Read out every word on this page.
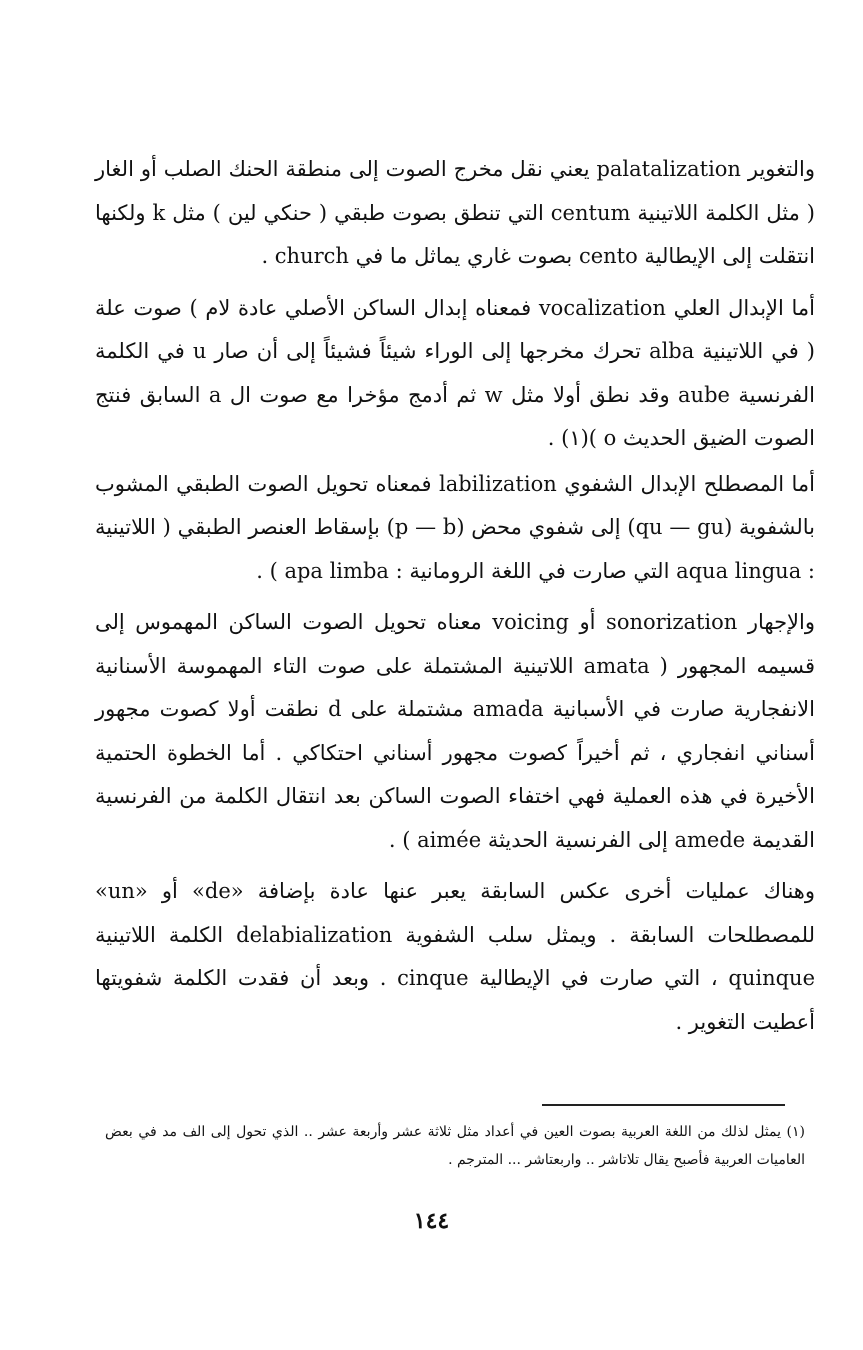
والتغوير palatalization يعني نقل مخرج الصوت إلى منطقة الحنك الصلب أو الغار ( مثل الكلمة اللاتينية centum التي تنطق بصوت طبقي ( حنكي لين ) مثل k ولكنها انتقلت إلى الإيطالية cento بصوت غاري يماثل ما في church .

أما الإبدال العلي vocalization فمعناه إبدال الساكن الأصلي عادة لام ) صوت علة ( في اللاتينية alba تحرك مخرجها إلى الوراء شيئاً فشيئاً إلى أن صار u في الكلمة الفرنسية aube وقد نطق أولا مثل w ثم أدمج مؤخرا مع صوت ال a السابق فنتج الصوت الضيق الحديث o )(١) .

أما المصطلح الإبدال الشفوي labilization فمعناه تحويل الصوت الطبقي المشوب بالشفوية (qu — gu) إلى شفوي محض (p — b) بإسقاط العنصر الطبقي ( اللاتينية : aqua lingua التي صارت في اللغة الرومانية : apa limba ) .

والإجهار sonorization أو voicing معناه تحويل الصوت الساكن المهموس إلى قسيمه المجهور ( amata اللاتينية المشتملة على صوت التاء المهموسة الأسنانية الانفجارية صارت في الأسبانية amada مشتملة على d نطقت أولا كصوت مجهور أسناني انفجاري ، ثم أخيراً كصوت مجهور أسناني احتكاكي . أما الخطوة الحتمية الأخيرة في هذه العملية فهي اختفاء الصوت الساكن بعد انتقال الكلمة من الفرنسية القديمة amede إلى الفرنسية الحديثة aimée ) .

وهناك عمليات أخرى عكس السابقة يعبر عنها عادة بإضافة «de» أو «un» للمصطلحات السابقة . ويمثل سلب الشفوية delabialization الكلمة اللاتينية quinque ، التي صارت في الإيطالية cinque . وبعد أن فقدت الكلمة شفويتها أعطيت التغوير .

(١) يمثل لذلك من اللغة العربية بصوت العين في أعداد مثل ثلاثة عشر وأربعة عشر .. الذي تحول إلى الف مد في بعض العاميات العربية فأصبح يقال تلاتاشر .. واربعتاشر ... المترجم .

١٤٤
